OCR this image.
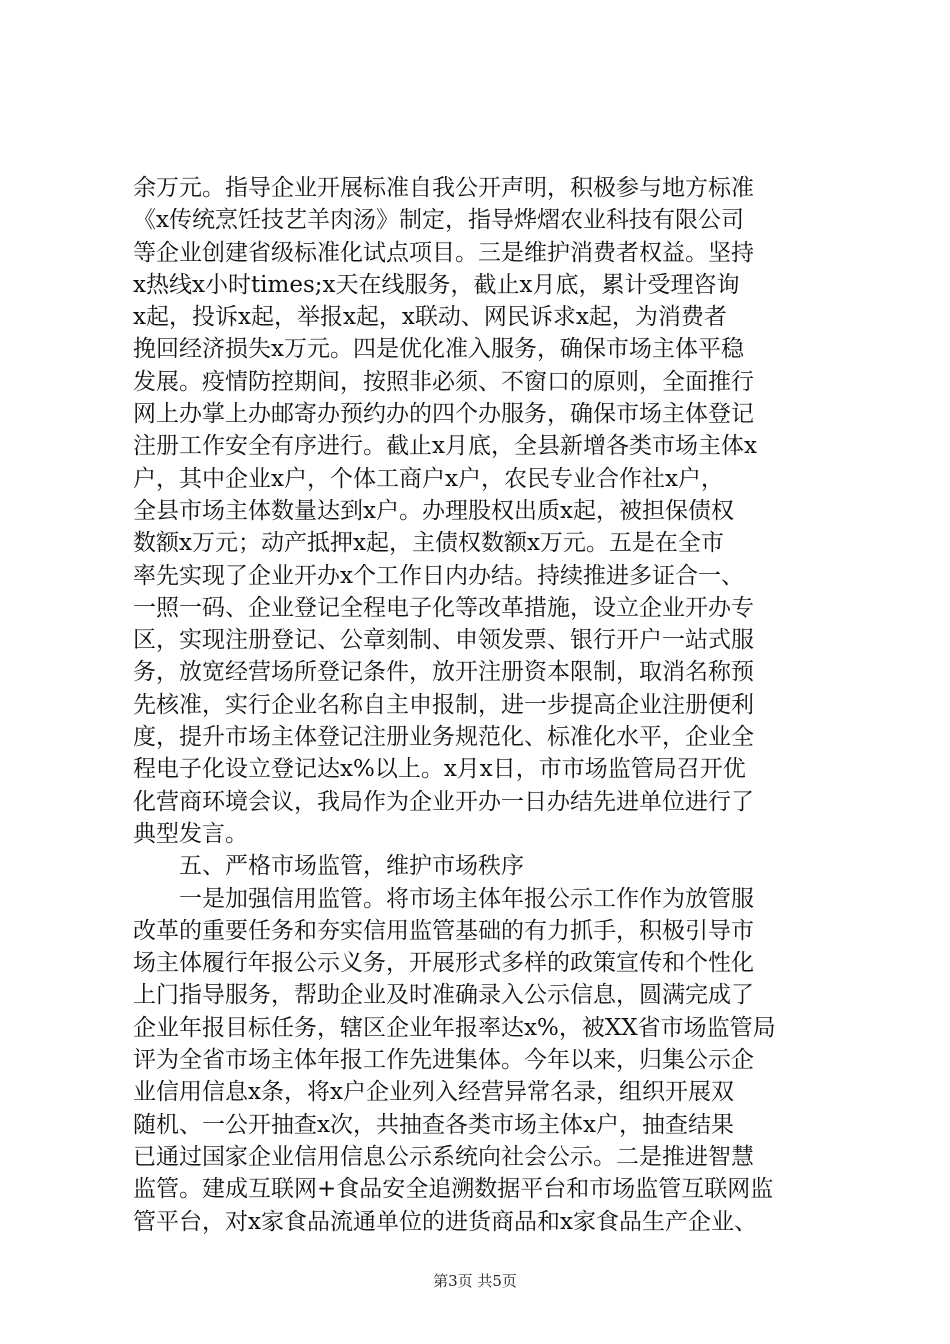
余万元。指导企业开展标准自我公开声明，积极参与地方标准
《x传统烹饪技艺羊肉汤》制定，指导烨熠农业科技有限公司
等企业创建省级标准化试点项目。三是维护消费者权益。坚持
x热线x小时times;x天在线服务，截止x月底，累计受理咨询
x起，投诉x起，举报x起，x联动、网民诉求x起，为消费者
挽回经济损失x万元。四是优化准入服务，确保市场主体平稳
发展。疫情防控期间，按照非必须、不窗口的原则，全面推行
网上办掌上办邮寄办预约办的四个办服务，确保市场主体登记
注册工作安全有序进行。截止x月底，全县新增各类市场主体x
户，其中企业x户，个体工商户x户，农民专业合作社x户，
全县市场主体数量达到x户。办理股权出质x起，被担保债权
数额x万元；动产抵押x起，主债权数额x万元。五是在全市
率先实现了企业开办x个工作日内办结。持续推进多证合一、
一照一码、企业登记全程电子化等改革措施，设立企业开办专
区，实现注册登记、公章刻制、申领发票、银行开户一站式服
务，放宽经营场所登记条件，放开注册资本限制，取消名称预
先核准，实行企业名称自主申报制，进一步提高企业注册便利
度，提升市场主体登记注册业务规范化、标准化水平，企业全
程电子化设立登记达x%以上。x月x日，市市场监管局召开优
化营商环境会议，我局作为企业开办一日办结先进单位进行了
典型发言。
五、严格市场监管，维护市场秩序
一是加强信用监管。将市场主体年报公示工作作为放管服
改革的重要任务和夯实信用监管基础的有力抓手，积极引导市
场主体履行年报公示义务，开展形式多样的政策宣传和个性化
上门指导服务，帮助企业及时准确录入公示信息，圆满完成了
企业年报目标任务，辖区企业年报率达x%，被XX省市场监管局
评为全省市场主体年报工作先进集体。今年以来，归集公示企
业信用信息x条，将x户企业列入经营异常名录，组织开展双
随机、一公开抽查x次，共抽查各类市场主体x户，抽查结果
已通过国家企业信用信息公示系统向社会公示。二是推进智慧
监管。建成互联网+食品安全追溯数据平台和市场监管互联网监
管平台，对x家食品流通单位的进货商品和x家食品生产企业、
第3页 共5页
